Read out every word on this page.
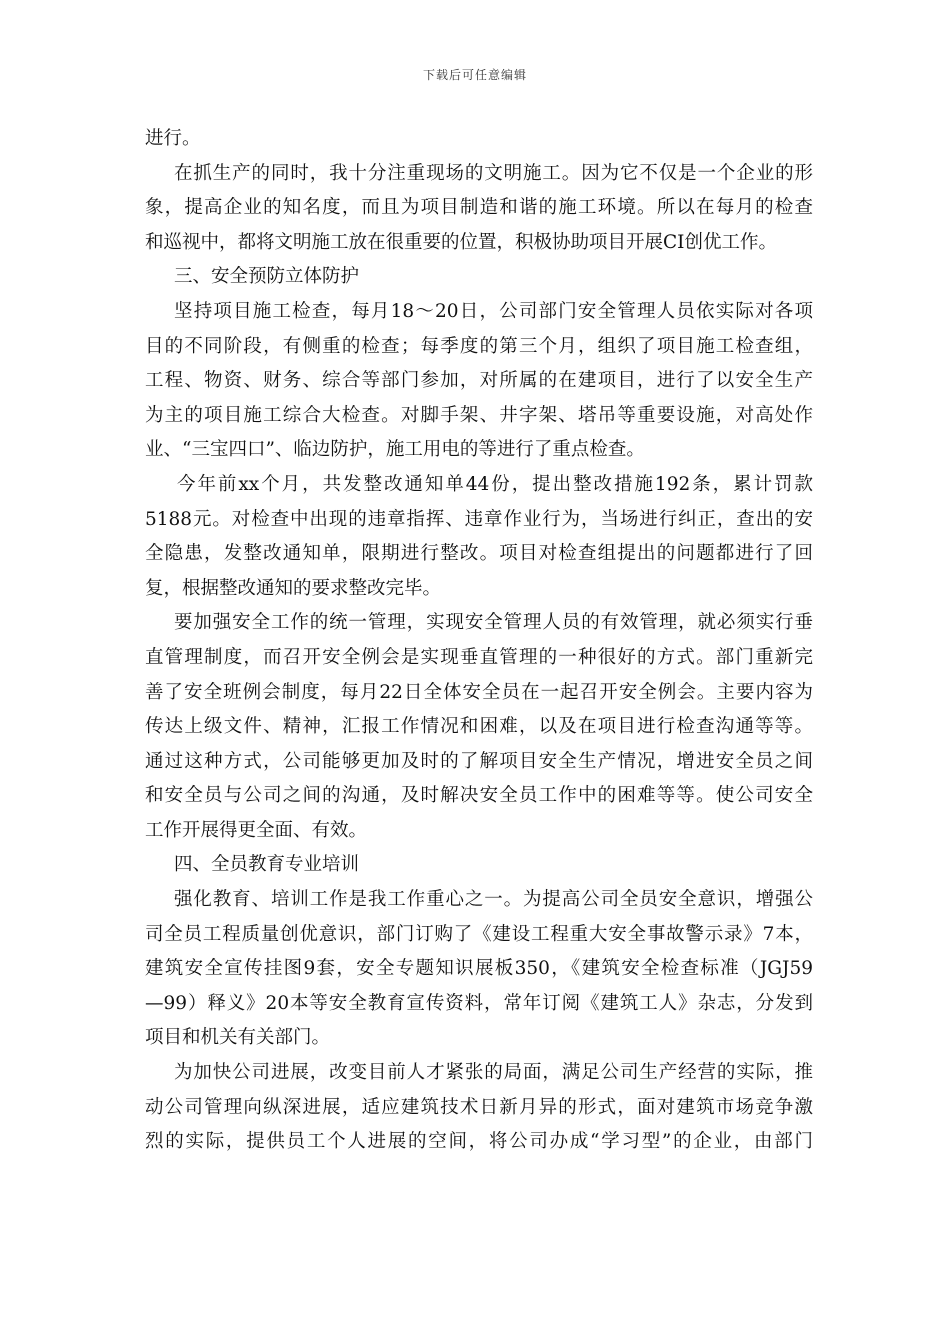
下载后可任意编辑
进行。
在抓生产的同时，我十分注重现场的文明施工。因为它不仅是一个企业的形
象，提高企业的知名度，而且为项目制造和谐的施工环境。所以在每月的检查
和巡视中，都将文明施工放在很重要的位置，积极协助项目开展CI创优工作。
三、安全预防立体防护
坚持项目施工检查，每月18～20日，公司部门安全管理人员依实际对各项
目的不同阶段，有侧重的检查；每季度的第三个月，组织了项目施工检查组，
工程、物资、财务、综合等部门参加，对所属的在建项目，进行了以安全生产
为主的项目施工综合大检查。对脚手架、井字架、塔吊等重要设施，对高处作
业、“三宝四口”、临边防护，施工用电的等进行了重点检查。
今年前xx个月，共发整改通知单44份，提出整改措施192条，累计罚款
5188元。对检查中出现的违章指挥、违章作业行为，当场进行纠正，查出的安
全隐患，发整改通知单，限期进行整改。项目对检查组提出的问题都进行了回
复，根据整改通知的要求整改完毕。
要加强安全工作的统一管理，实现安全管理人员的有效管理，就必须实行垂
直管理制度，而召开安全例会是实现垂直管理的一种很好的方式。部门重新完
善了安全班例会制度，每月22日全体安全员在一起召开安全例会。主要内容为
传达上级文件、精神，汇报工作情况和困难，以及在项目进行检查沟通等等。
通过这种方式，公司能够更加及时的了解项目安全生产情况，增进安全员之间
和安全员与公司之间的沟通，及时解决安全员工作中的困难等等。使公司安全
工作开展得更全面、有效。
四、全员教育专业培训
强化教育、培训工作是我工作重心之一。为提高公司全员安全意识，增强公
司全员工程质量创优意识，部门订购了《建设工程重大安全事故警示录》7本，
建筑安全宣传挂图9套，安全专题知识展板350，《建筑安全检查标准（JGJ59
—99）释义》20本等安全教育宣传资料，常年订阅《建筑工人》杂志，分发到
项目和机关有关部门。
为加快公司进展，改变目前人才紧张的局面，满足公司生产经营的实际，推
动公司管理向纵深进展，适应建筑技术日新月异的形式，面对建筑市场竞争激
烈的实际，提供员工个人进展的空间，将公司办成“学习型”的企业，由部门
